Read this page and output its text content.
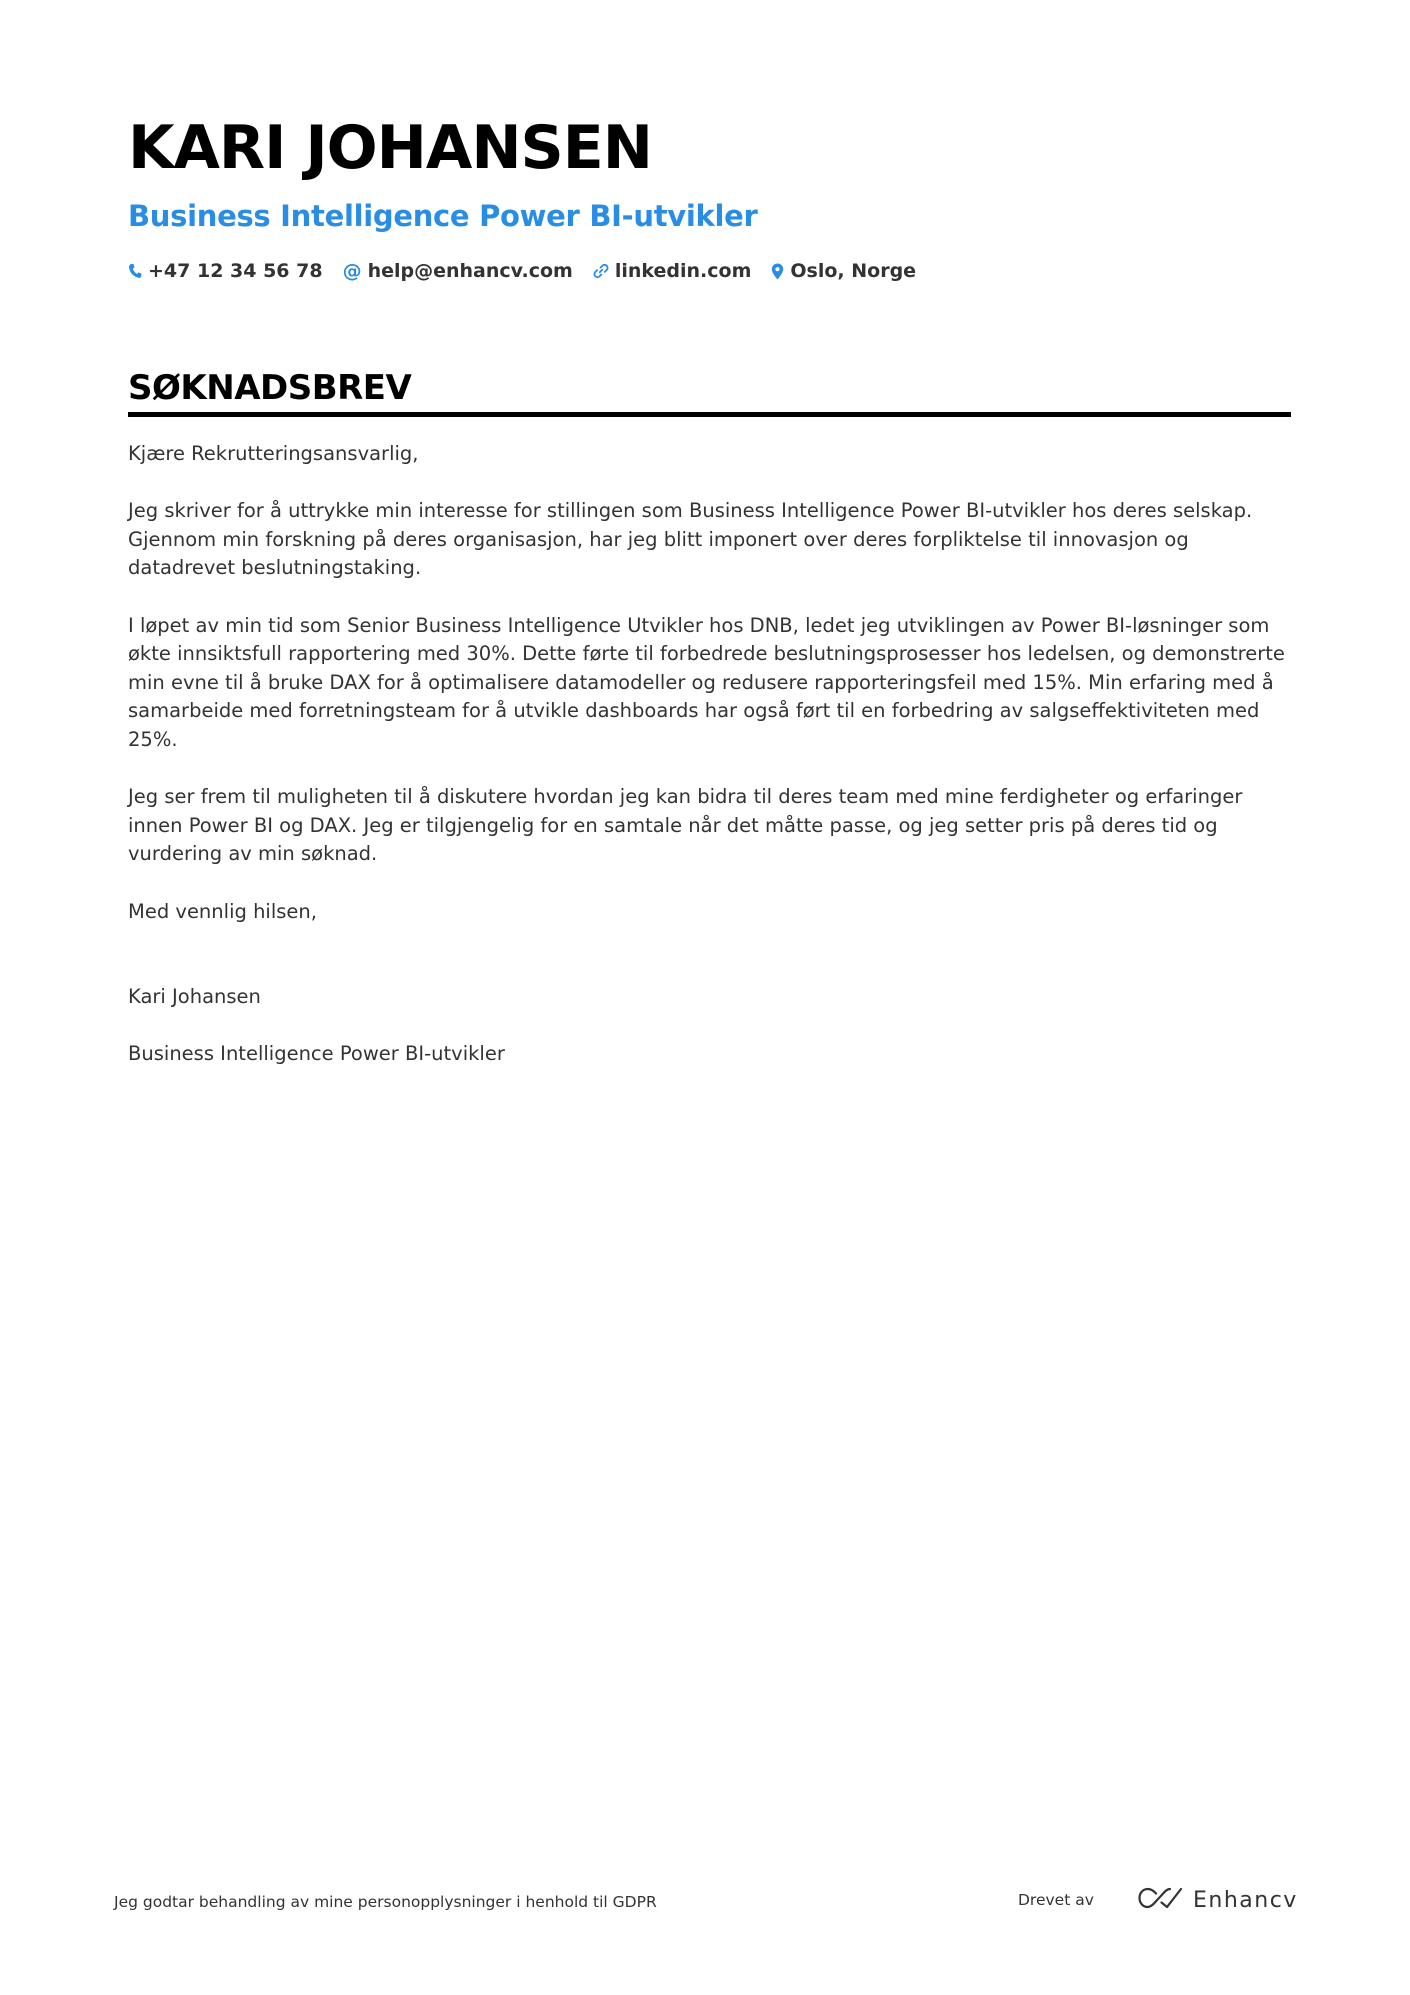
KARI JOHANSEN
Business Intelligence Power BI-utvikler
+47 12 34 56 78 @ help@enhancv.com linkedin.com Oslo, Norge
SØKNADSBREV

Kjære Rekrutteringsansvarlig,

Jeg skriver for å uttrykke min interesse for stillingen som Business Intelligence Power BI-utvikler hos deres selskap. Gjennom min forskning på deres organisasjon, har jeg blitt imponert over deres forpliktelse til innovasjon og datadrevet beslutningstaking.

I løpet av min tid som Senior Business Intelligence Utvikler hos DNB, ledet jeg utviklingen av Power BI-løsninger som økte innsiktsfull rapportering med 30%. Dette førte til forbedrede beslutningsprosesser hos ledelsen, og demonstrerte min evne til å bruke DAX for å optimalisere datamodeller og redusere rapporteringsfeil med 15%. Min erfaring med å samarbeide med forretningsteam for å utvikle dashboards har også ført til en forbedring av salgseffektiviteten med 25%.

Jeg ser frem til muligheten til å diskutere hvordan jeg kan bidra til deres team med mine ferdigheter og erfaringer innen Power BI og DAX. Jeg er tilgjengelig for en samtale når det måtte passe, og jeg setter pris på deres tid og vurdering av min søknad.

Med vennlig hilsen,

Kari Johansen

Business Intelligence Power BI-utvikler

Jeg godtar behandling av mine personopplysninger i henhold til GDPR	Drevet av	Enhancv
